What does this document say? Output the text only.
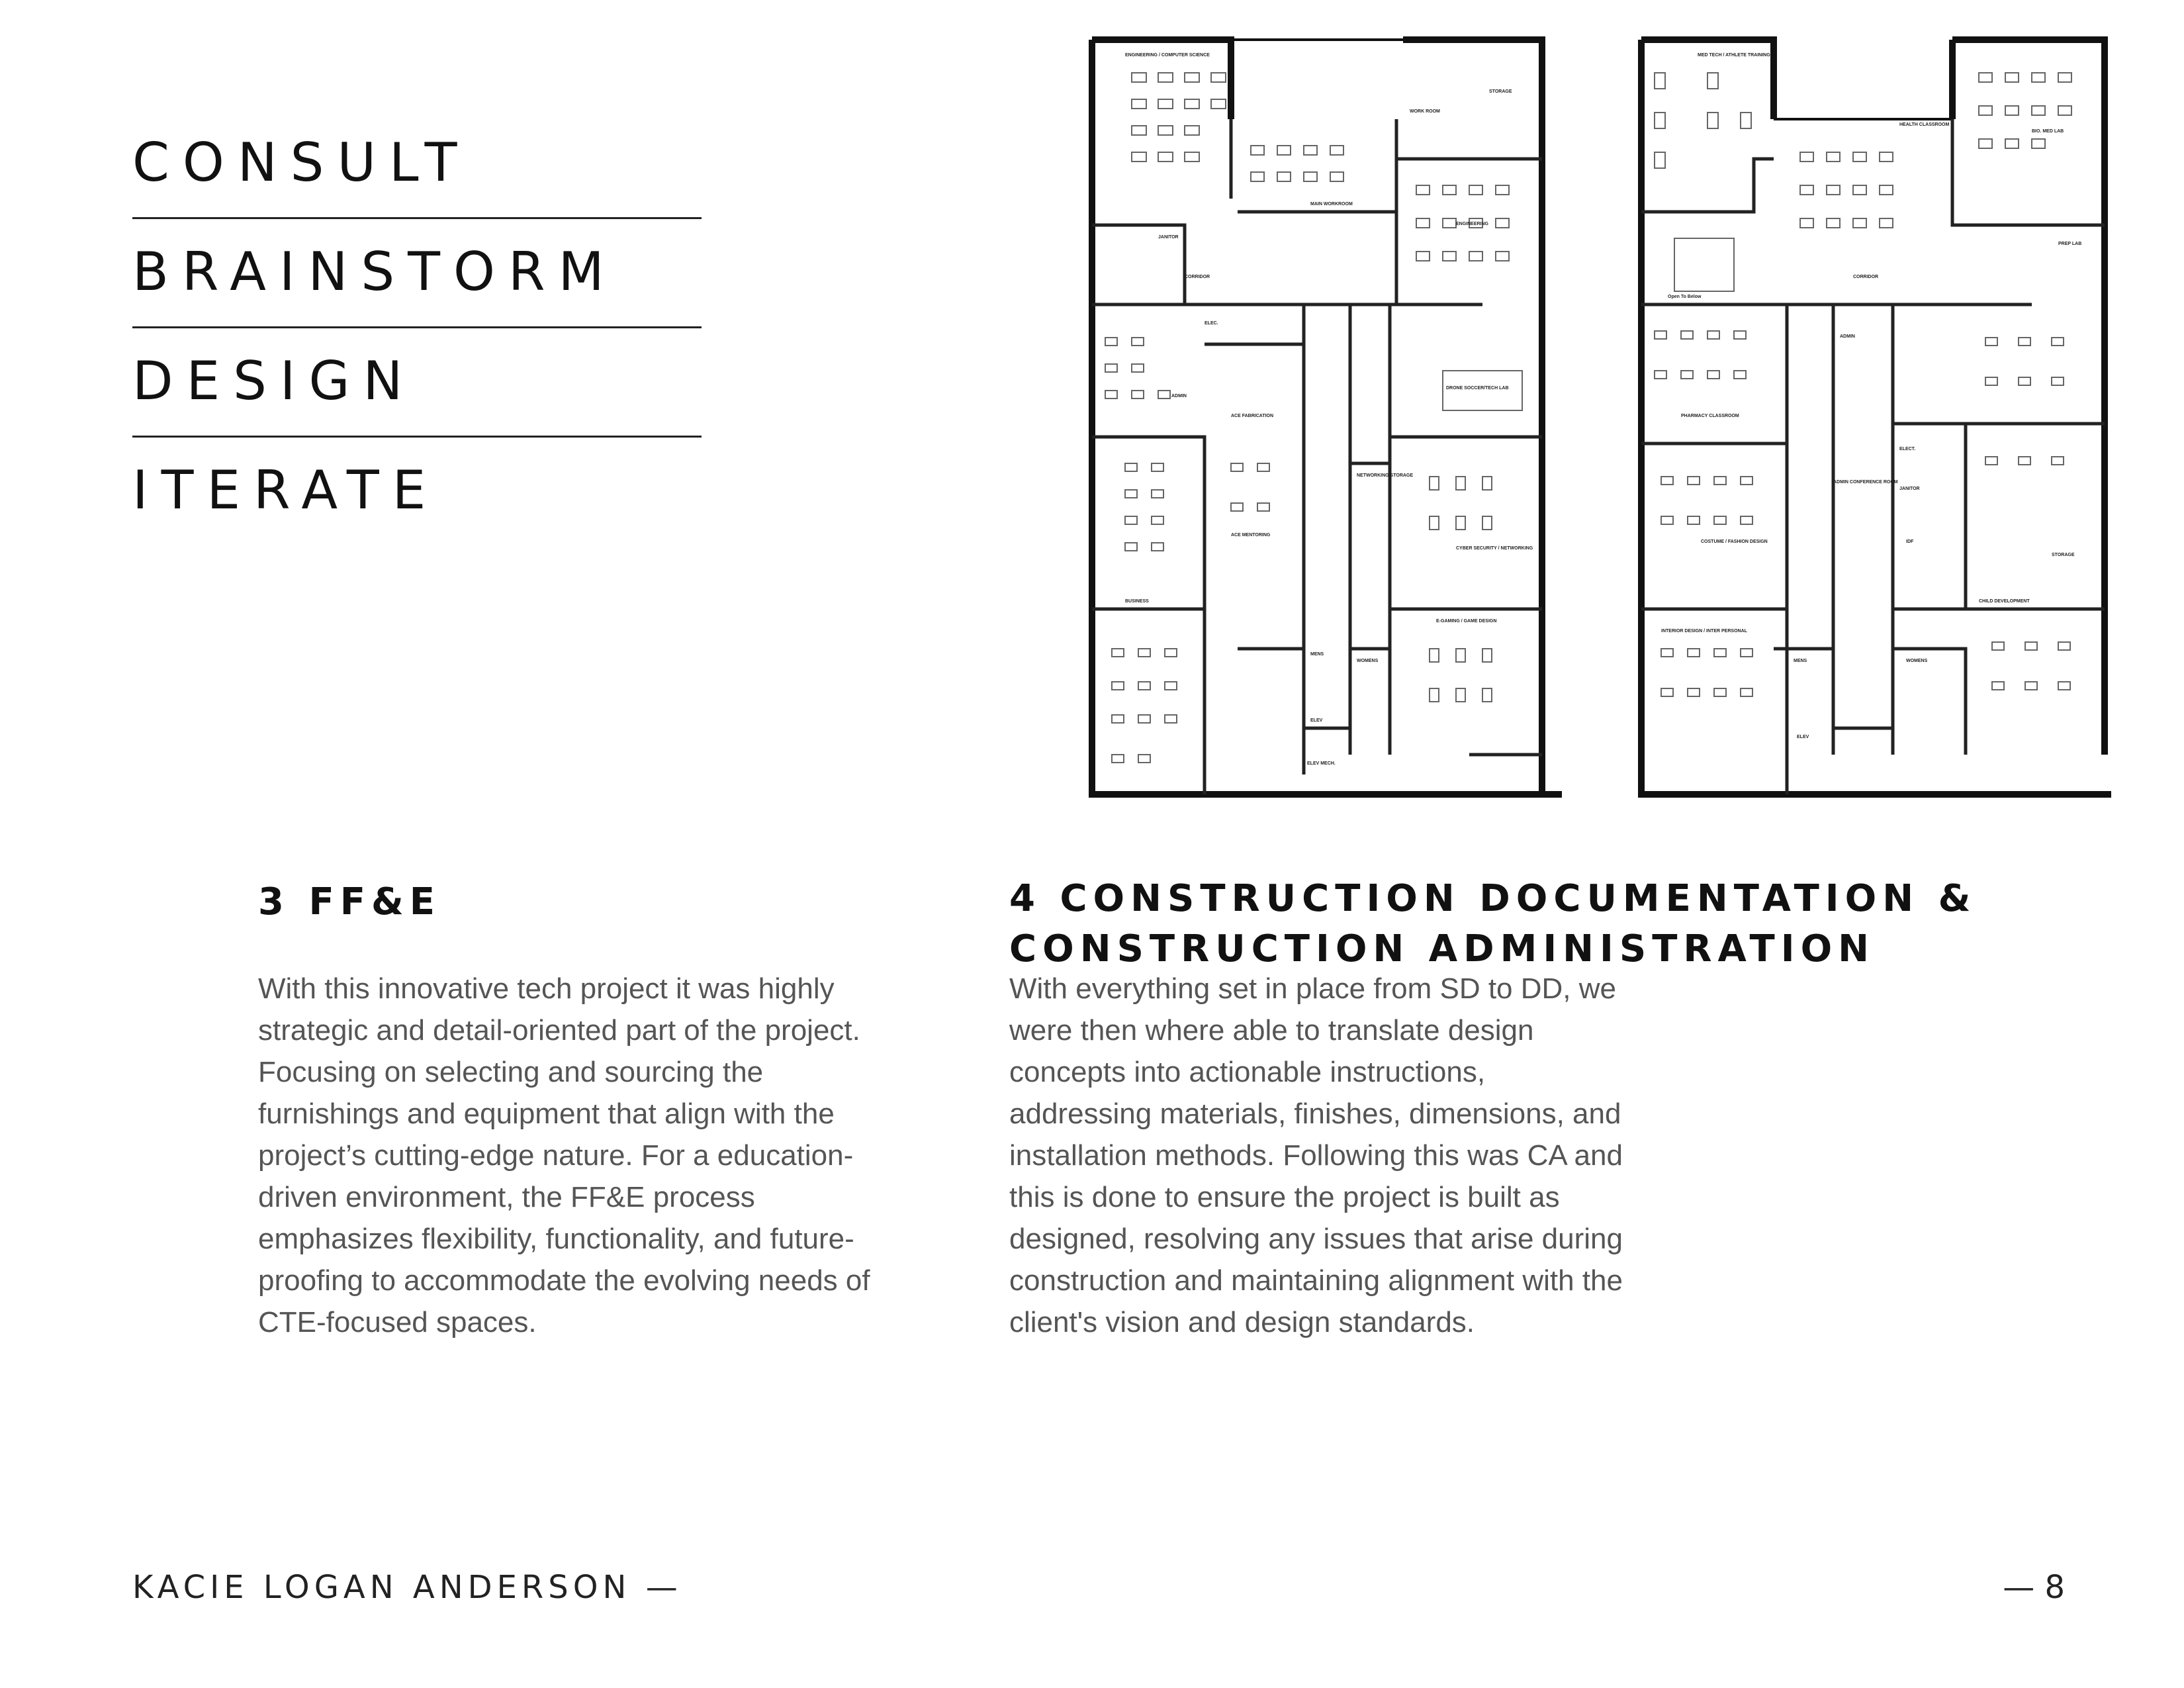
CONSULT
BRAINSTORM
DESIGN
ITERATE
ENGINEERING / COMPUTER SCIENCE
WORK ROOM
STORAGE
MAIN WORKROOM
ENGINEERING
JANITOR
CORRIDOR
ELEC.
ADMIN
ACE FABRICATION
DRONE SOCCER/TECH LAB
NETWORKING STORAGE
ACE MENTORING
CYBER SECURITY / NETWORKING
BUSINESS
E-GAMING / GAME DESIGN
MENS
WOMENS
ELEV
ELEV MECH.
MED TECH / ATHLETE TRAINING
HEALTH CLASSROOM
BIO. MED LAB
PREP LAB
CORRIDOR
Open To Below
ADMIN
PHARMACY CLASSROOM
ADMIN CONFERENCE ROOM
ELECT.
JANITOR
IDF
COSTUME / FASHION DESIGN
STORAGE
CHILD DEVELOPMENT
INTERIOR DESIGN / INTER PERSONAL
MENS	WOMENS
ELEV
3 FF&E
With this innovative tech project it was highly
strategic and detail-oriented part of the project.
Focusing on selecting and sourcing the
furnishings and equipment that align with the
project’s cutting-edge nature. For a education-
driven environment, the FF&E process
emphasizes flexibility, functionality, and future-
proofing to accommodate the evolving needs of
CTE-focused spaces.
4 CONSTRUCTION DOCUMENTATION &
CONSTRUCTION ADMINISTRATION
With everything set in place from SD to DD, we
were then where able to translate design
concepts into actionable instructions,
addressing materials, finishes, dimensions, and
installation methods. Following this was CA and
this is done to ensure the project is built as
designed, resolving any issues that arise during
construction and maintaining alignment with the
client's vision and design standards.
KACIE LOGAN ANDERSON —	— 8
